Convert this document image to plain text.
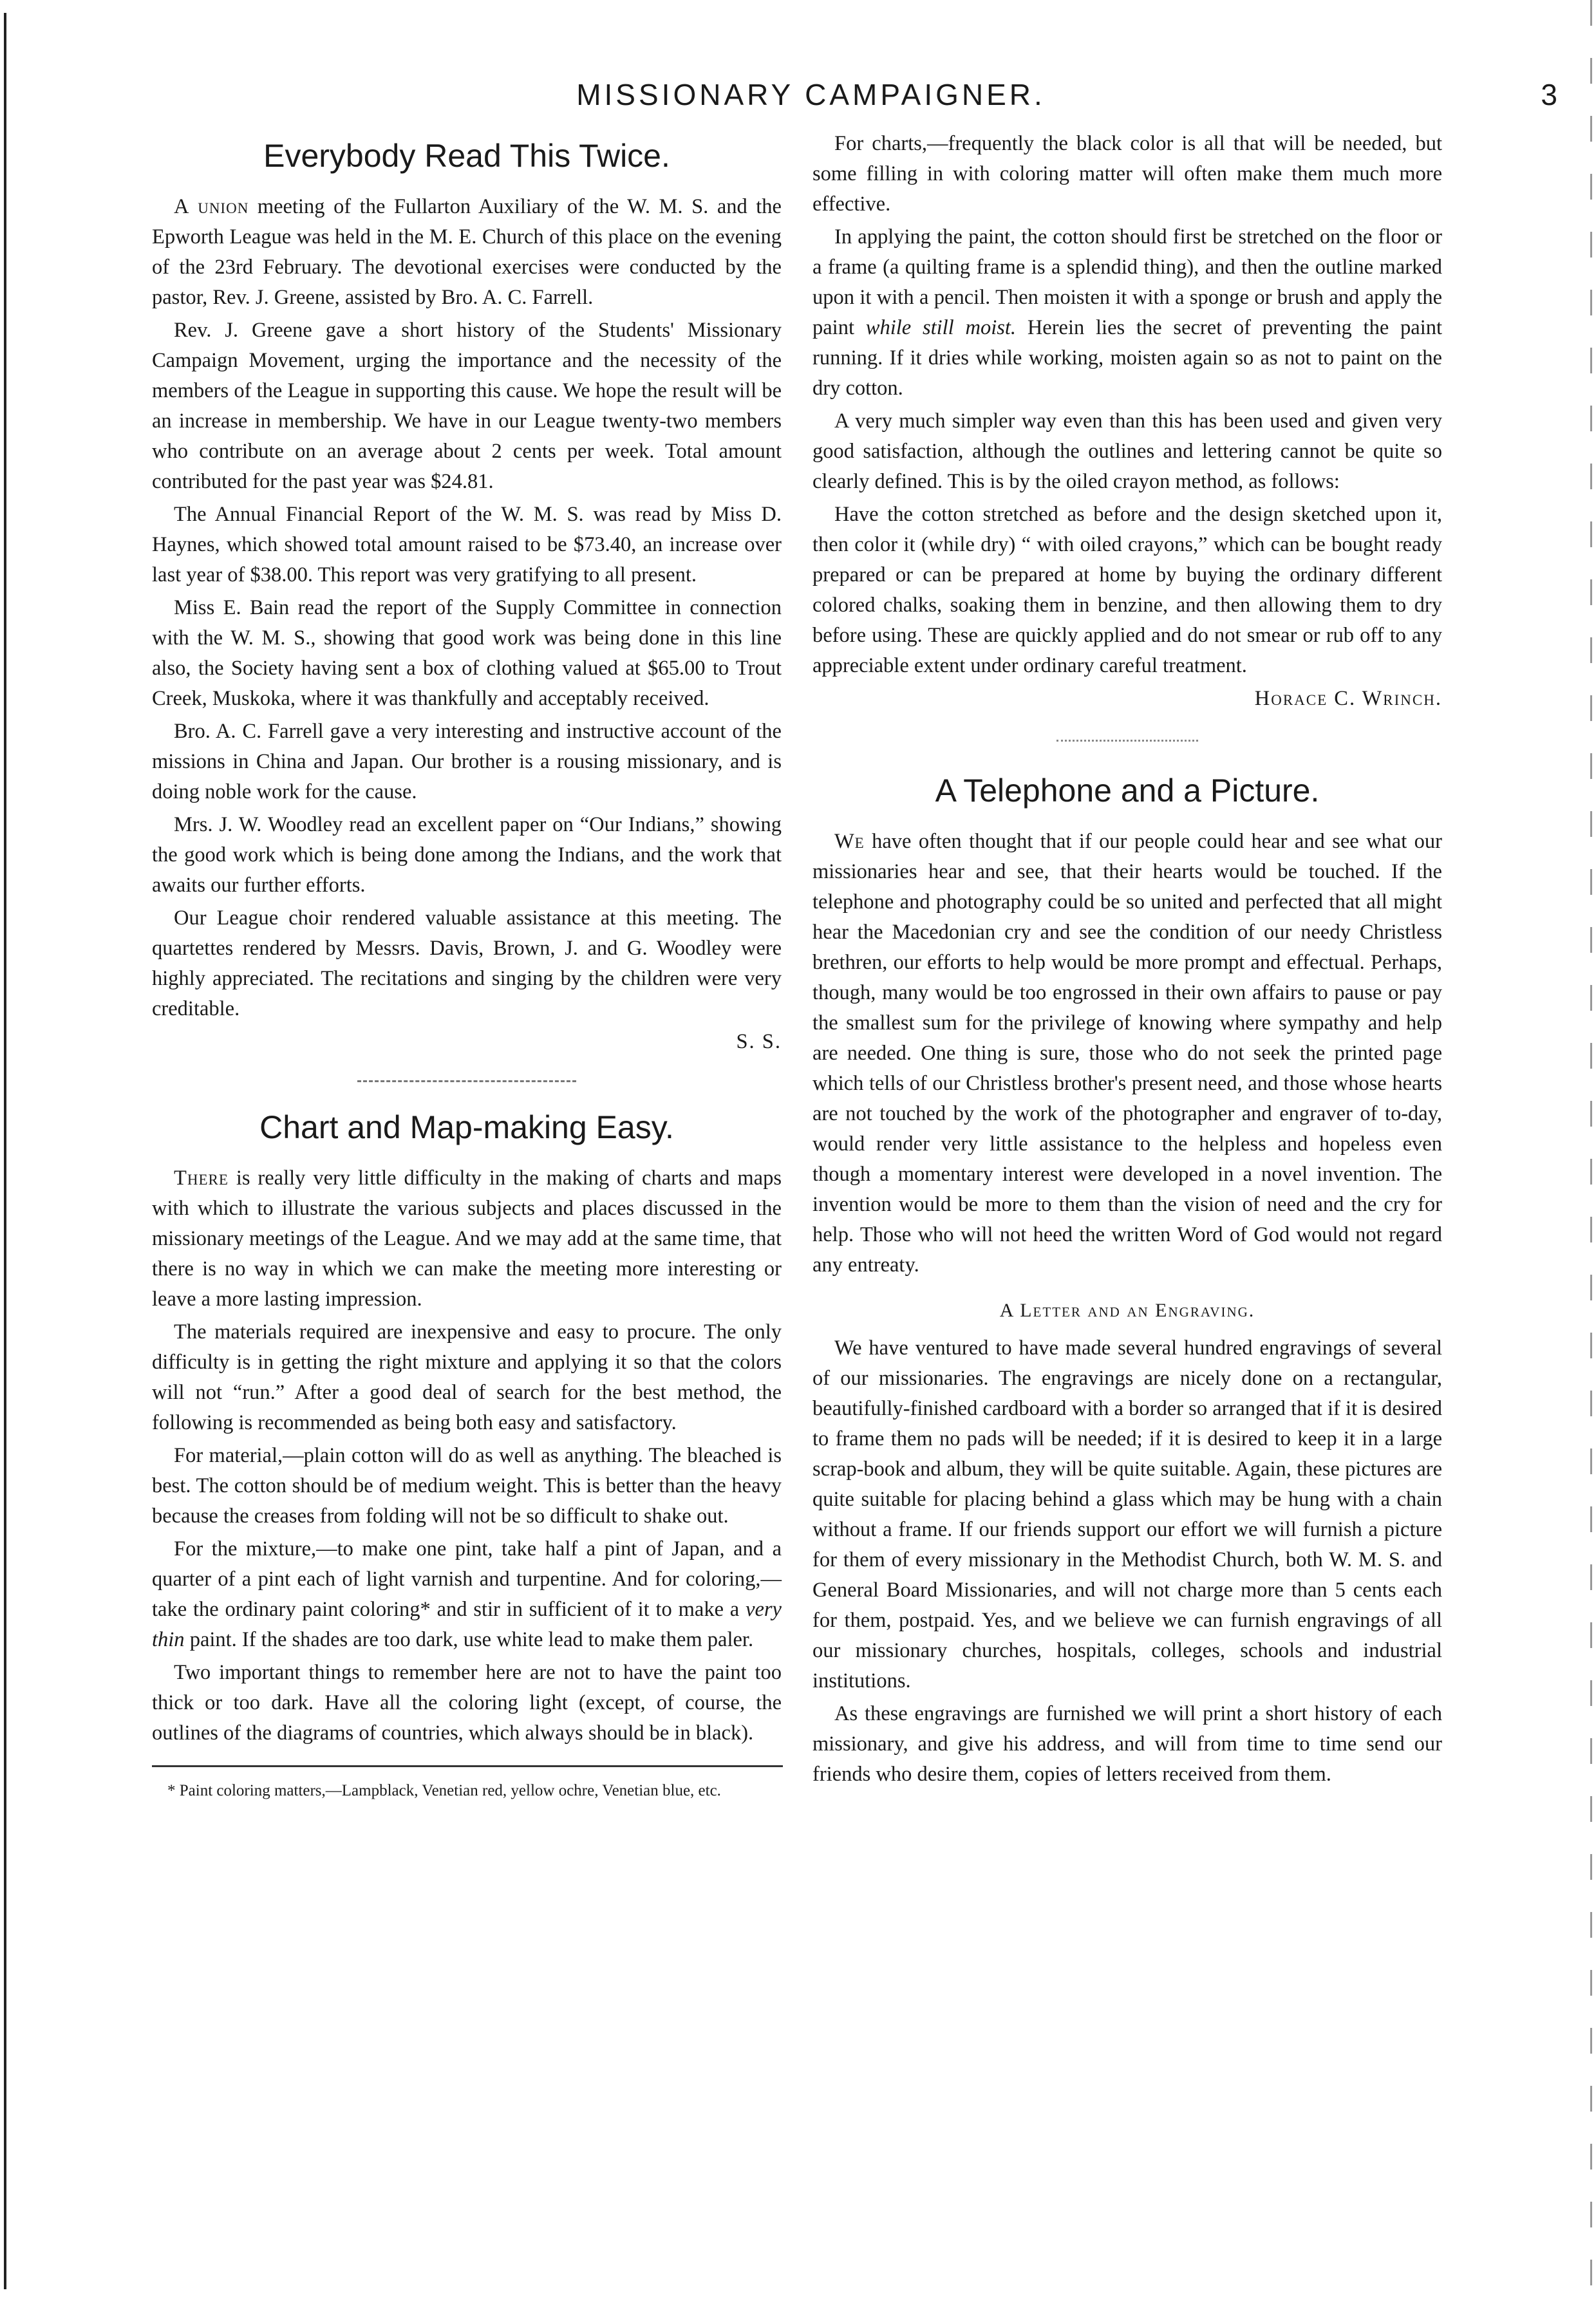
MISSIONARY CAMPAIGNER.	3
Everybody Read This Twice.

A union meeting of the Fullarton Auxiliary of the W. M. S. and the Epworth League was held in the M. E. Church of this place on the evening of the 23rd February. The devotional exercises were conducted by the pastor, Rev. J. Greene, assisted by Bro. A. C. Farrell.

Rev. J. Greene gave a short history of the Students' Missionary Campaign Movement, urging the importance and the necessity of the members of the League in supporting this cause. We hope the result will be an increase in membership. We have in our League twenty-two members who contribute on an average about 2 cents per week. Total amount contributed for the past year was $24.81.

The Annual Financial Report of the W. M. S. was read by Miss D. Haynes, which showed total amount raised to be $73.40, an increase over last year of $38.00. This report was very gratifying to all present.

Miss E. Bain read the report of the Supply Committee in connection with the W. M. S., showing that good work was being done in this line also, the Society having sent a box of clothing valued at $65.00 to Trout Creek, Muskoka, where it was thankfully and acceptably received.

Bro. A. C. Farrell gave a very interesting and instructive account of the missions in China and Japan. Our brother is a rousing missionary, and is doing noble work for the cause.

Mrs. J. W. Woodley read an excellent paper on “Our Indians,” showing the good work which is being done among the Indians, and the work that awaits our further efforts.

Our League choir rendered valuable assistance at this meeting. The quartettes rendered by Messrs. Davis, Brown, J. and G. Woodley were highly appreciated. The recitations and singing by the children were very creditable.

S. S.

Chart and Map-making Easy.

There is really very little difficulty in the making of charts and maps with which to illustrate the various subjects and places discussed in the missionary meetings of the League. And we may add at the same time, that there is no way in which we can make the meeting more interesting or leave a more lasting impression.

The materials required are inexpensive and easy to procure. The only difficulty is in getting the right mixture and applying it so that the colors will not “run.” After a good deal of search for the best method, the following is recommended as being both easy and satisfactory.

For material,—plain cotton will do as well as anything. The bleached is best. The cotton should be of medium weight. This is better than the heavy because the creases from folding will not be so difficult to shake out.

For the mixture,—to make one pint, take half a pint of Japan, and a quarter of a pint each of light varnish and turpentine. And for coloring,—take the ordinary paint coloring* and stir in sufficient of it to make a very thin paint. If the shades are too dark, use white lead to make them paler.

Two important things to remember here are not to have the paint too thick or too dark. Have all the coloring light (except, of course, the outlines of the diagrams of countries, which always should be in black).

* Paint coloring matters,—Lampblack, Venetian red, yellow ochre, Venetian blue, etc.

For charts,—frequently the black color is all that will be needed, but some filling in with coloring matter will often make them much more effective.

In applying the paint, the cotton should first be stretched on the floor or a frame (a quilting frame is a splendid thing), and then the outline marked upon it with a pencil. Then moisten it with a sponge or brush and apply the paint while still moist. Herein lies the secret of preventing the paint running. If it dries while working, moisten again so as not to paint on the dry cotton.

A very much simpler way even than this has been used and given very good satisfaction, although the outlines and lettering cannot be quite so clearly defined. This is by the oiled crayon method, as follows:

Have the cotton stretched as before and the design sketched upon it, then color it (while dry) “ with oiled crayons,” which can be bought ready prepared or can be prepared at home by buying the ordinary different colored chalks, soaking them in benzine, and then allowing them to dry before using. These are quickly applied and do not smear or rub off to any appreciable extent under ordinary careful treatment.

Horace C. Wrinch.

A Telephone and a Picture.

We have often thought that if our people could hear and see what our missionaries hear and see, that their hearts would be touched. If the telephone and photography could be so united and perfected that all might hear the Macedonian cry and see the condition of our needy Christless brethren, our efforts to help would be more prompt and effectual. Perhaps, though, many would be too engrossed in their own affairs to pause or pay the smallest sum for the privilege of knowing where sympathy and help are needed. One thing is sure, those who do not seek the printed page which tells of our Christless brother's present need, and those whose hearts are not touched by the work of the photographer and engraver of to-day, would render very little assistance to the helpless and hopeless even though a momentary interest were developed in a novel invention. The invention would be more to them than the vision of need and the cry for help. Those who will not heed the written Word of God would not regard any entreaty.

A Letter and an Engraving.

We have ventured to have made several hundred engravings of several of our missionaries. The engravings are nicely done on a rectangular, beautifully-finished cardboard with a border so arranged that if it is desired to frame them no pads will be needed; if it is desired to keep it in a large scrap-book and album, they will be quite suitable. Again, these pictures are quite suitable for placing behind a glass which may be hung with a chain without a frame. If our friends support our effort we will furnish a picture for them of every missionary in the Methodist Church, both W. M. S. and General Board Missionaries, and will not charge more than 5 cents each for them, postpaid. Yes, and we believe we can furnish engravings of all our missionary churches, hospitals, colleges, schools and industrial institutions.

As these engravings are furnished we will print a short history of each missionary, and give his address, and will from time to time send our friends who desire them, copies of letters received from them.
